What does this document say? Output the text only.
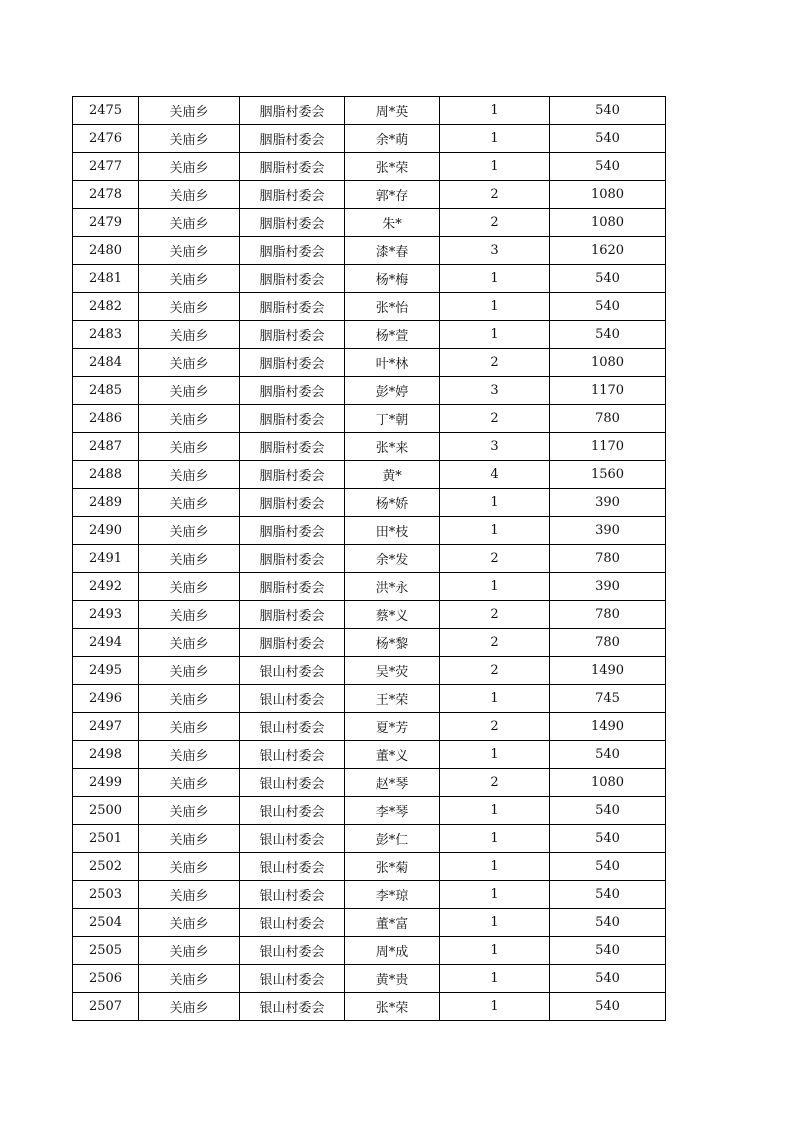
2475	关庙乡	胭脂村委会	周*英	1	540
2476	关庙乡	胭脂村委会	余*萌	1	540
2477	关庙乡	胭脂村委会	张*荣	1	540
2478	关庙乡	胭脂村委会	郭*存	2	1080
2479	关庙乡	胭脂村委会	朱*	2	1080
2480	关庙乡	胭脂村委会	漆*春	3	1620
2481	关庙乡	胭脂村委会	杨*梅	1	540
2482	关庙乡	胭脂村委会	张*怡	1	540
2483	关庙乡	胭脂村委会	杨*萱	1	540
2484	关庙乡	胭脂村委会	叶*林	2	1080
2485	关庙乡	胭脂村委会	彭*婷	3	1170
2486	关庙乡	胭脂村委会	丁*朝	2	780
2487	关庙乡	胭脂村委会	张*来	3	1170
2488	关庙乡	胭脂村委会	黄*	4	1560
2489	关庙乡	胭脂村委会	杨*娇	1	390
2490	关庙乡	胭脂村委会	田*枝	1	390
2491	关庙乡	胭脂村委会	余*发	2	780
2492	关庙乡	胭脂村委会	洪*永	1	390
2493	关庙乡	胭脂村委会	蔡*义	2	780
2494	关庙乡	胭脂村委会	杨*黎	2	780
2495	关庙乡	银山村委会	吴*荧	2	1490
2496	关庙乡	银山村委会	王*荣	1	745
2497	关庙乡	银山村委会	夏*芳	2	1490
2498	关庙乡	银山村委会	董*义	1	540
2499	关庙乡	银山村委会	赵*琴	2	1080
2500	关庙乡	银山村委会	李*琴	1	540
2501	关庙乡	银山村委会	彭*仁	1	540
2502	关庙乡	银山村委会	张*菊	1	540
2503	关庙乡	银山村委会	李*琼	1	540
2504	关庙乡	银山村委会	董*富	1	540
2505	关庙乡	银山村委会	周*成	1	540
2506	关庙乡	银山村委会	黄*贵	1	540
2507	关庙乡	银山村委会	张*荣	1	540
